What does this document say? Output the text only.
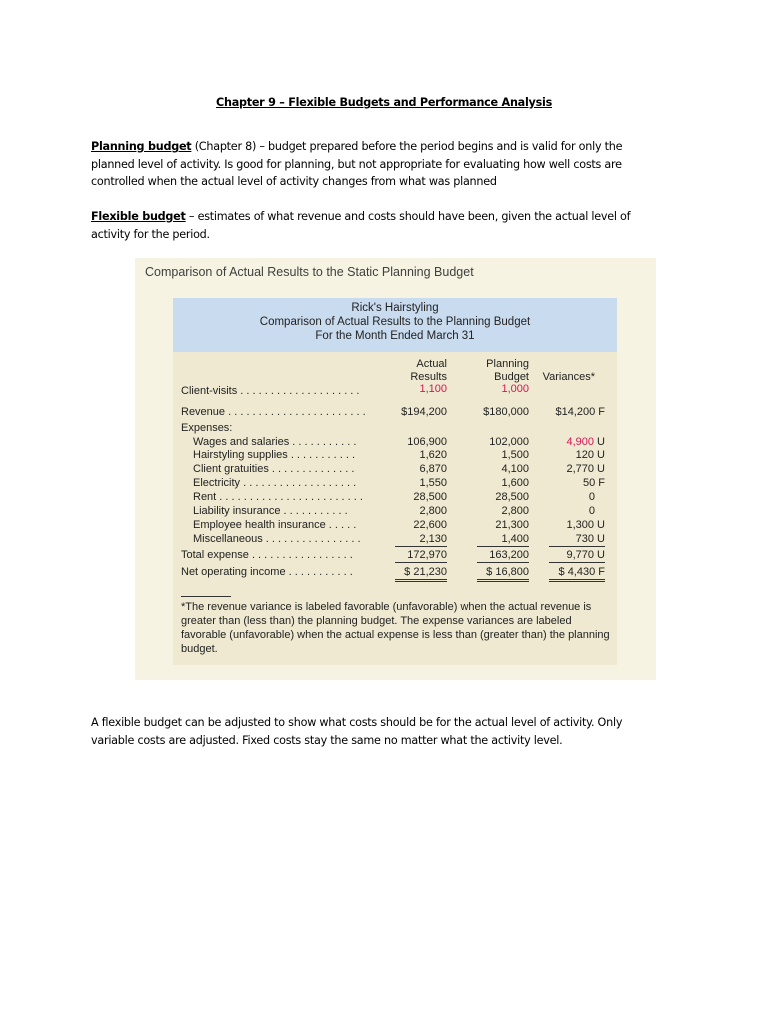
Chapter 9 – Flexible Budgets and Performance Analysis
Planning budget (Chapter 8) – budget prepared before the period begins and is valid for only the
planned level of activity. Is good for planning, but not appropriate for evaluating how well costs are
controlled when the actual level of activity changes from what was planned
Flexible budget – estimates of what revenue and costs should have been, given the actual level of
activity for the period.
Comparison of Actual Results to the Static Planning Budget
Rick's Hairstyling
Comparison of Actual Results to the Planning Budget
For the Month Ended March 31
Actual
Results
Planning
Budget Variances*
Client-visits . . . . . . . . . . . . . . . . . . . .	1,100	1,000
Revenue . . . . . . . . . . . . . . . . . . . . . . .	$194,200	$180,000 $14,200 F
Expenses:
Wages and salaries . . . . . . . . . . .	106,900	102,000	4,900 U
Hairstyling supplies . . . . . . . . . . .	1,620	1,500	120 U
Client gratuities . . . . . . . . . . . . . .	6,870	4,100	2,770 U
Electricity . . . . . . . . . . . . . . . . . . .	1,550	1,600	50 F
Rent . . . . . . . . . . . . . . . . . . . . . . . .	28,500	28,500	0
Liability insurance . . . . . . . . . . .	2,800	2,800	0
Employee health insurance . . . . .	22,600	21,300	1,300 U
Miscellaneous . . . . . . . . . . . . . . . .	2,130	1,400	730 U
Total expense . . . . . . . . . . . . . . . . .	172,970	163,200	9,770 U
Net operating income . . . . . . . . . . .	$ 21,230	$ 16,800	$ 4,430 F
*The revenue variance is labeled favorable (unfavorable) when the actual revenue is greater than (less than) the planning budget. The expense variances are labeled favorable (unfavorable) when the actual expense is less than (greater than) the planning budget.
A flexible budget can be adjusted to show what costs should be for the actual level of activity. Only
variable costs are adjusted. Fixed costs stay the same no matter what the activity level.
